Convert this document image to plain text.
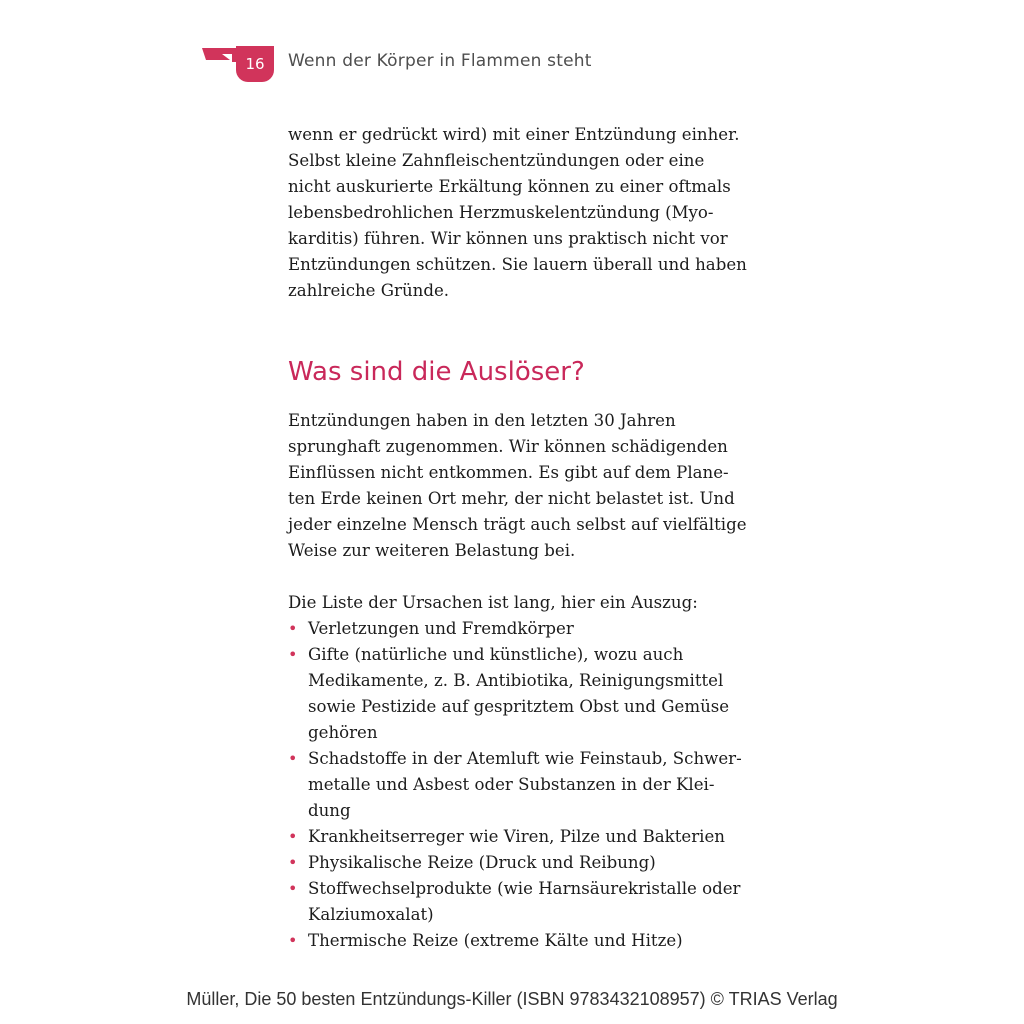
16	Wenn der Körper in Flammen steht

wenn er gedrückt wird) mit einer Entzündung einher.
Selbst kleine Zahnfleischentzündungen oder eine
nicht auskurierte Erkältung können zu einer oftmals
lebensbedrohlichen Herzmuskelentzündung (Myo-
karditis) führen. Wir können uns praktisch nicht vor
Entzündungen schützen. Sie lauern überall und haben
zahlreiche Gründe.

Was sind die Auslöser?

Entzündungen haben in den letzten 30 Jahren
sprunghaft zugenommen. Wir können schädigenden
Einflüssen nicht entkommen. Es gibt auf dem Plane-
ten Erde keinen Ort mehr, der nicht belastet ist. Und
jeder einzelne Mensch trägt auch selbst auf vielfältige
Weise zur weiteren Belastung bei.

Die Liste der Ursachen ist lang, hier ein Auszug:

• Verletzungen und Fremdkörper
• Gifte (natürliche und künstliche), wozu auch
Medikamente, z. B. Antibiotika, Reinigungsmittel
sowie Pestizide auf gespritztem Obst und Gemüse
gehören
• Schadstoffe in der Atemluft wie Feinstaub, Schwer-
metalle und Asbest oder Substanzen in der Klei-
dung
• Krankheitserreger wie Viren, Pilze und Bakterien
• Physikalische Reize (Druck und Reibung)
• Stoffwechselprodukte (wie Harnsäurekristalle oder
Kalziumoxalat)
• Thermische Reize (extreme Kälte und Hitze)
Müller, Die 50 besten Entzündungs-Killer (ISBN 9783432108957) © TRIAS Verlag
